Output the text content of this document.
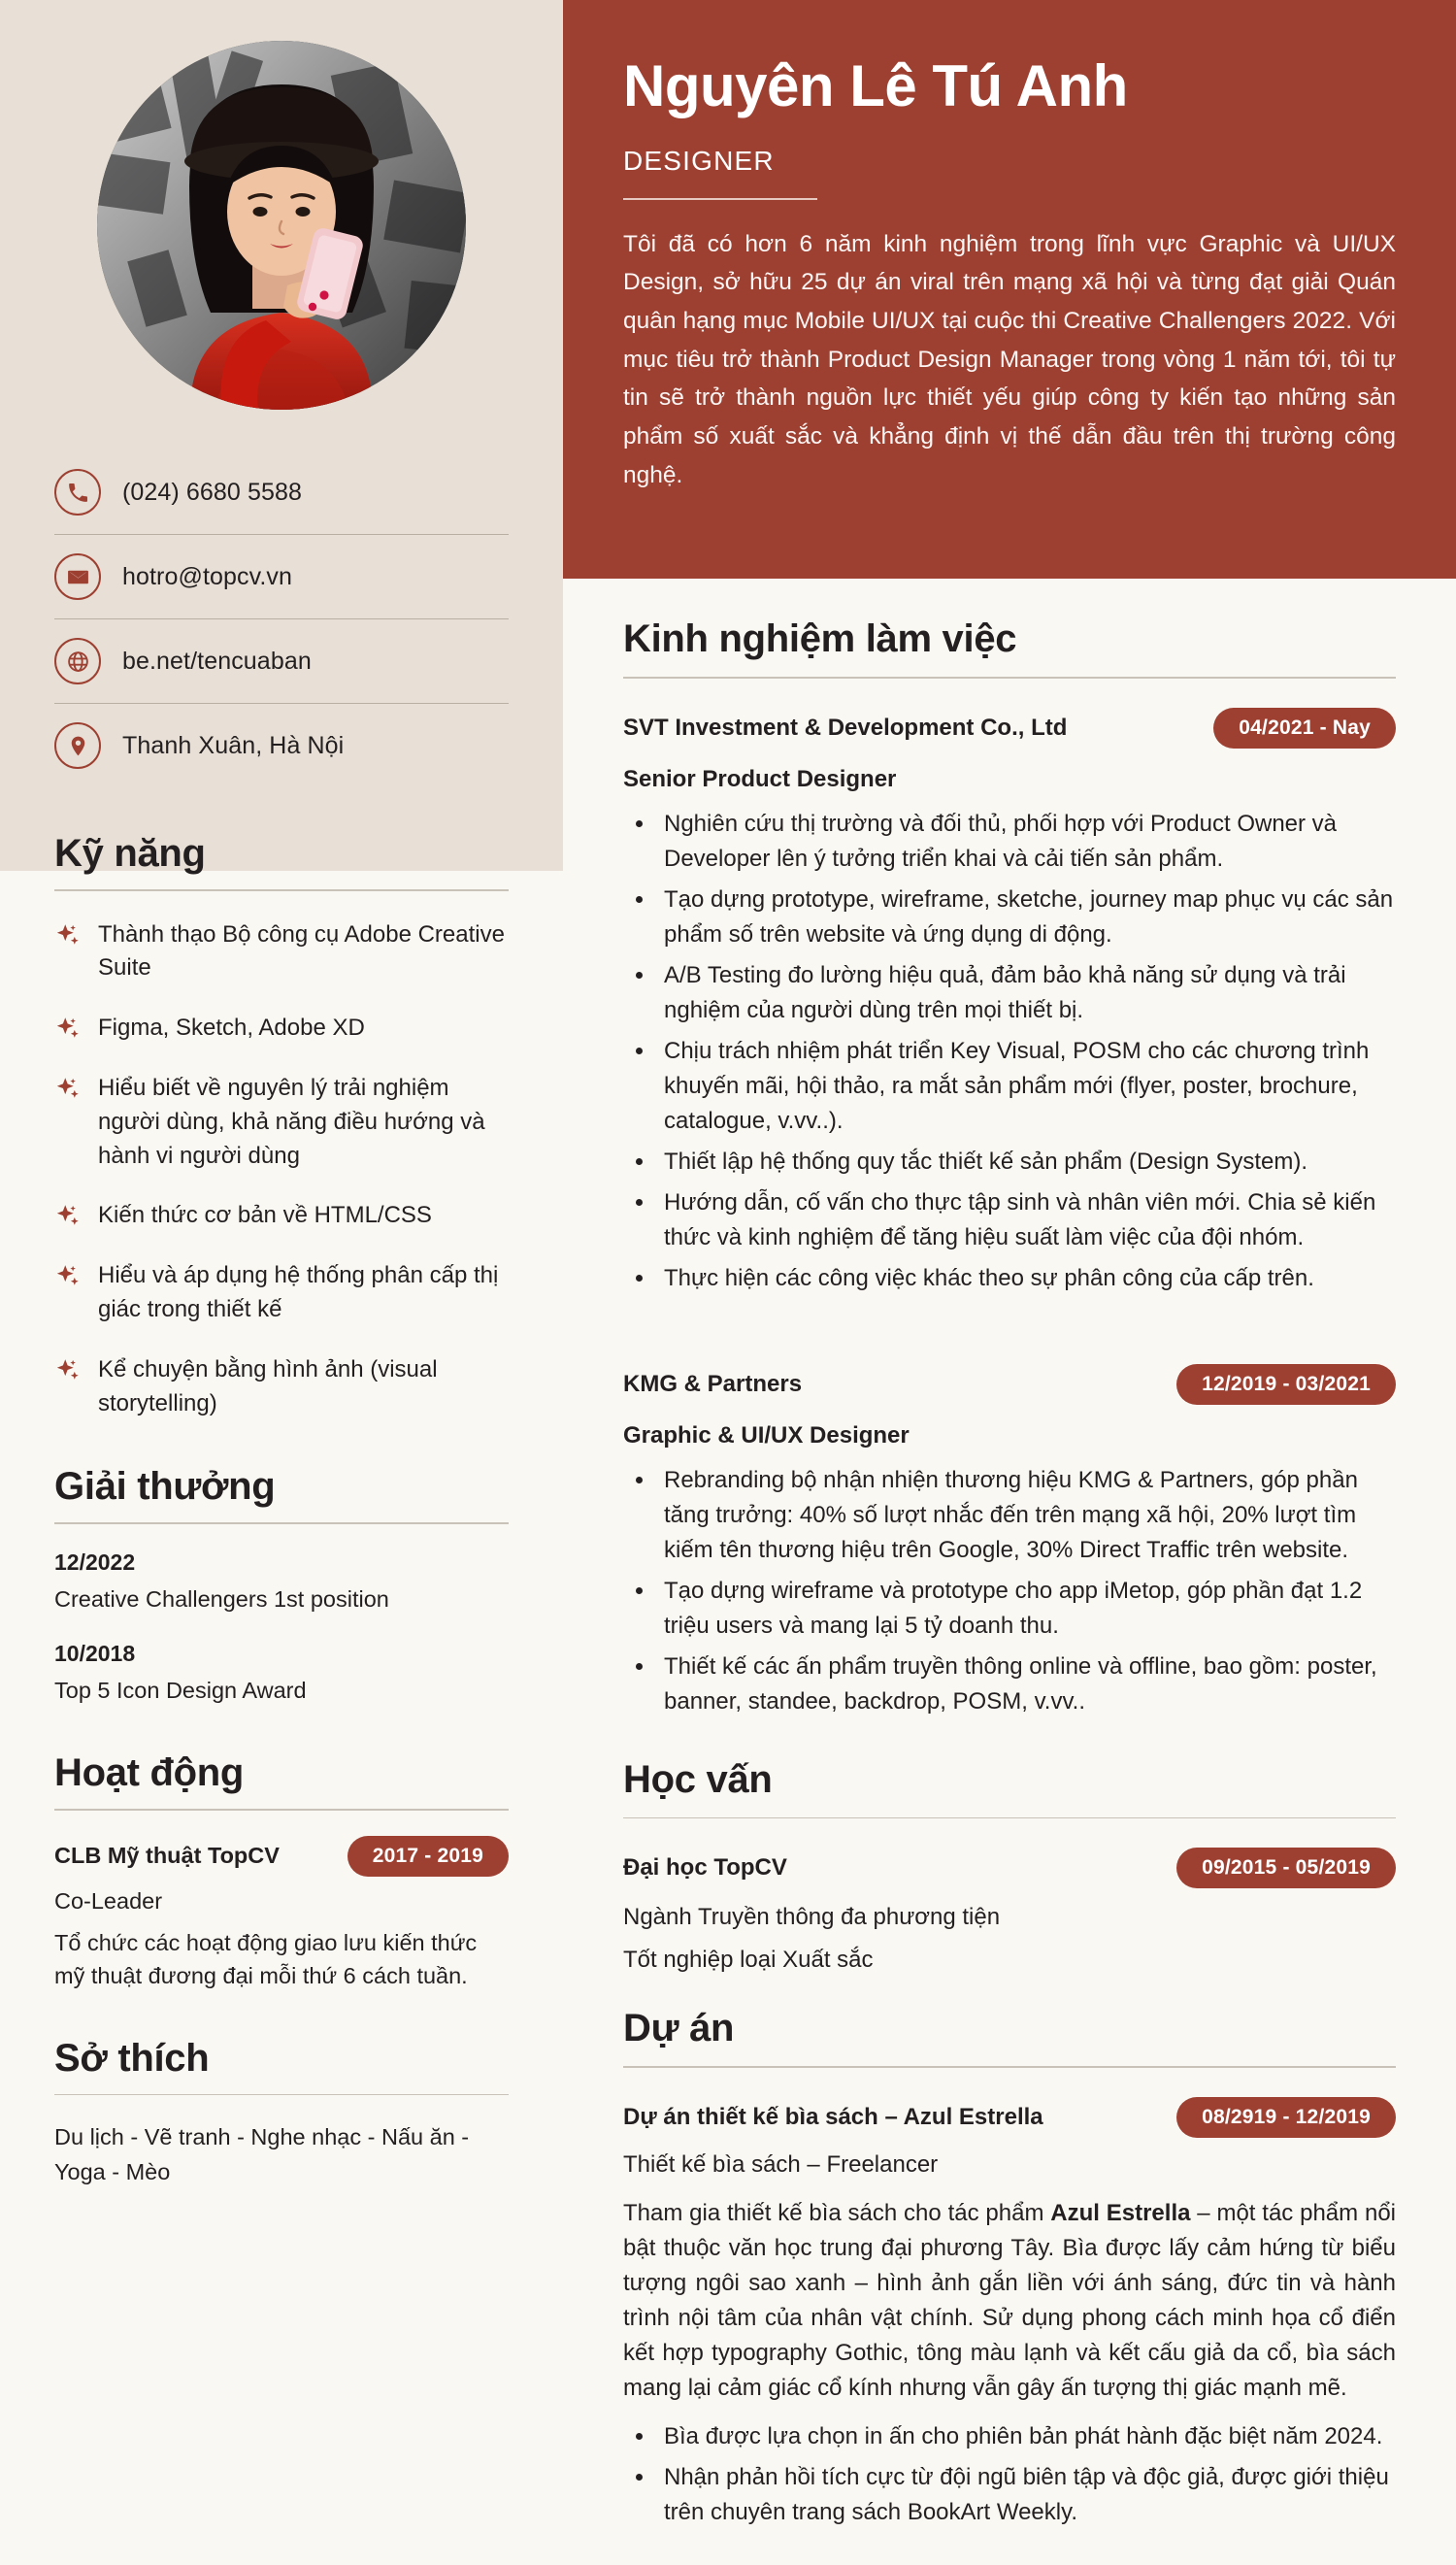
(024) 6680 5588
hotro@topcv.vn
be.net/tencuaban
Thanh Xuân, Hà Nội
Kỹ năng
Thành thạo Bộ công cụ Adobe Creative Suite
Figma, Sketch, Adobe XD
Hiểu biết về nguyên lý trải nghiệm người dùng, khả năng điều hướng và hành vi người dùng
Kiến thức cơ bản về HTML/CSS
Hiểu và áp dụng hệ thống phân cấp thị giác trong thiết kế
Kể chuyện bằng hình ảnh (visual storytelling)
Giải thưởng
12/2022
Creative Challengers 1st position
10/2018
Top 5 Icon Design Award
Hoạt động
CLB Mỹ thuật TopCV	2017 - 2019
Co-Leader
Tổ chức các hoạt động giao lưu kiến thức mỹ thuật đương đại mỗi thứ 6 cách tuần.
Sở thích
Du lịch - Vẽ tranh - Nghe nhạc - Nấu ăn - Yoga - Mèo
Nguyên Lê Tú Anh
DESIGNER

Tôi đã có hơn 6 năm kinh nghiệm trong lĩnh vực Graphic và UI/UX Design, sở hữu 25 dự án viral trên mạng xã hội và từng đạt giải Quán quân hạng mục Mobile UI/UX tại cuộc thi Creative Challengers 2022. Với mục tiêu trở thành Product Design Manager trong vòng 1 năm tới, tôi tự tin sẽ trở thành nguồn lực thiết yếu giúp công ty kiến tạo những sản phẩm số xuất sắc và khẳng định vị thế dẫn đầu trên thị trường công nghệ.

Kinh nghiệm làm việc
SVT Investment & Development Co., Ltd	04/2021 - Nay
Senior Product Designer
• Nghiên cứu thị trường và đối thủ, phối hợp với Product Owner và Developer lên ý tưởng triển khai và cải tiến sản phẩm.
• Tạo dựng prototype, wireframe, sketche, journey map phục vụ các sản phẩm số trên website và ứng dụng di động.
• A/B Testing đo lường hiệu quả, đảm bảo khả năng sử dụng và trải nghiệm của người dùng trên mọi thiết bị.
• Chịu trách nhiệm phát triển Key Visual, POSM cho các chương trình khuyến mãi, hội thảo, ra mắt sản phẩm mới (flyer, poster, brochure, catalogue, v.vv..).
• Thiết lập hệ thống quy tắc thiết kế sản phẩm (Design System).
• Hướng dẫn, cố vấn cho thực tập sinh và nhân viên mới. Chia sẻ kiến thức và kinh nghiệm để tăng hiệu suất làm việc của đội nhóm.
• Thực hiện các công việc khác theo sự phân công của cấp trên.
KMG & Partners	12/2019 - 03/2021
Graphic & UI/UX Designer
• Rebranding bộ nhận nhiện thương hiệu KMG & Partners, góp phần tăng trưởng: 40% số lượt nhắc đến trên mạng xã hội, 20% lượt tìm kiếm tên thương hiệu trên Google, 30% Direct Traffic trên website.
• Tạo dựng wireframe và prototype cho app iMetop, góp phần đạt 1.2 triệu users và mang lại 5 tỷ doanh thu.
• Thiết kế các ấn phẩm truyền thông online và offline, bao gồm: poster, banner, standee, backdrop, POSM, v.vv..
Học vấn
Đại học TopCV	09/2015 - 05/2019
Ngành Truyền thông đa phương tiện
Tốt nghiệp loại Xuất sắc
Dự án
Dự án thiết kế bìa sách – Azul Estrella	08/2919 - 12/2019
Thiết kế bìa sách – Freelancer

Tham gia thiết kế bìa sách cho tác phẩm Azul Estrella – một tác phẩm nổi bật thuộc văn học trung đại phương Tây. Bìa được lấy cảm hứng từ biểu tượng ngôi sao xanh – hình ảnh gắn liền với ánh sáng, đức tin và hành trình nội tâm của nhân vật chính. Sử dụng phong cách minh họa cổ điển kết hợp typography Gothic, tông màu lạnh và kết cấu giả da cổ, bìa sách mang lại cảm giác cổ kính nhưng vẫn gây ấn tượng thị giác mạnh mẽ.

• Bìa được lựa chọn in ấn cho phiên bản phát hành đặc biệt năm 2024.
• Nhận phản hồi tích cực từ đội ngũ biên tập và độc giả, được giới thiệu trên chuyên trang sách BookArt Weekly.
